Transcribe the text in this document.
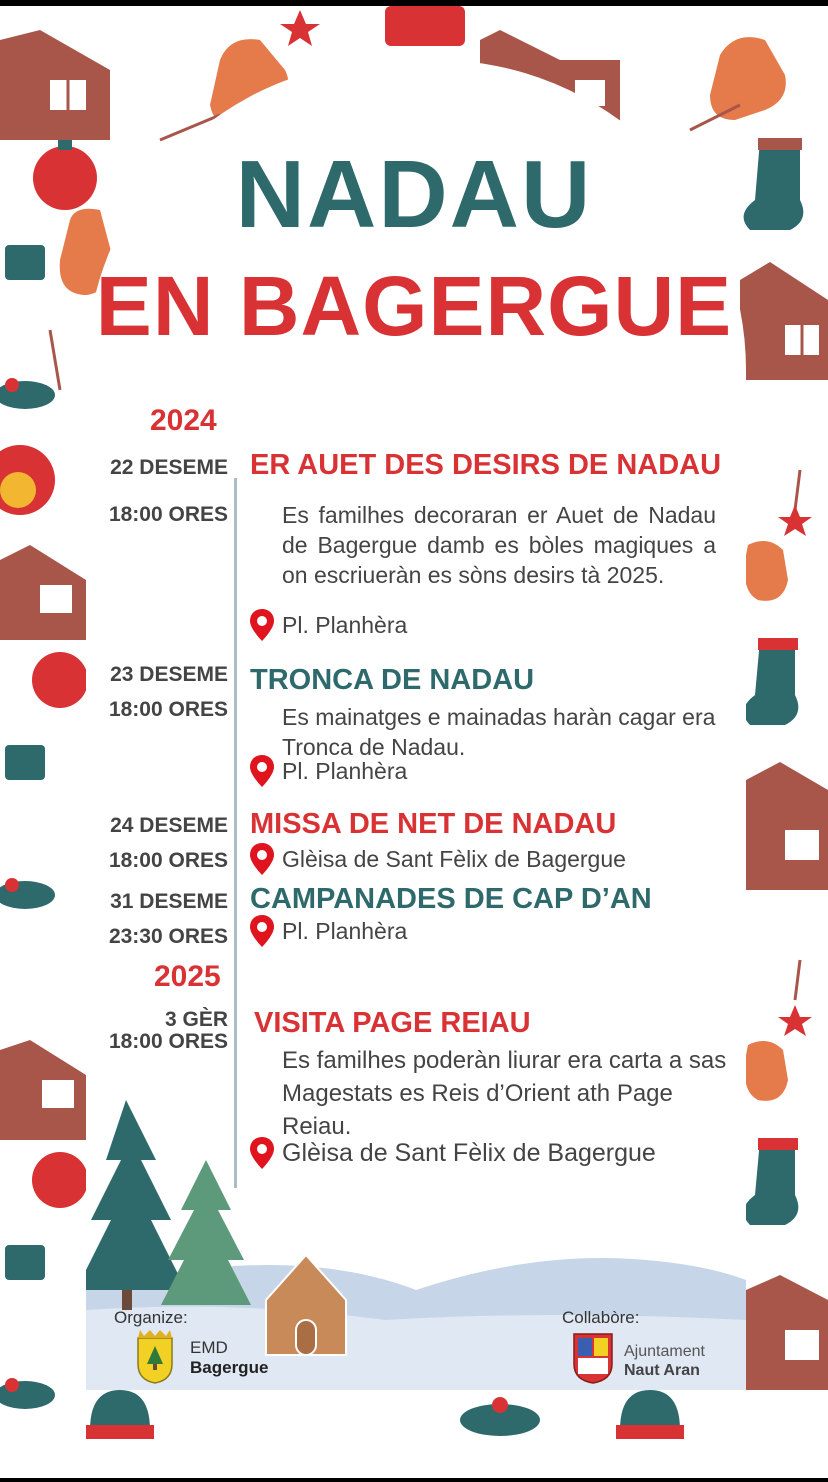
NADAU
EN BAGERGUE
2024
22 DESEME ER AUET DES DESIRS DE NADAU
18:00 ORES Es familhes decoraran er Auet de Nadau de Bagergue damb es bòles magiques a on escriueràn es sòns desirs tà 2025.
Pl. Planhèra
23 DESEME TRONCA DE NADAU
18:00 ORES Es mainatges e mainadas haràn cagar era Tronca de Nadau.
Pl. Planhèra
24 DESEME MISSA DE NET DE NADAU
18:00 ORES Glèisa de Sant Fèlix de Bagergue
31 DESEME CAMPANADES DE CAP D’AN
23:30 ORES Pl. Planhèra
2025
3 GÈR VISITA PAGE REIAU
18:00 ORES
Es familhes poderàn liurar era carta a sas Magestats es Reis d’Orient ath Page Reiau.
Glèisa de Sant Fèlix de Bagergue
Organize:
EMD
Bagergue
Collabòre:
Ajuntament
Naut Aran
